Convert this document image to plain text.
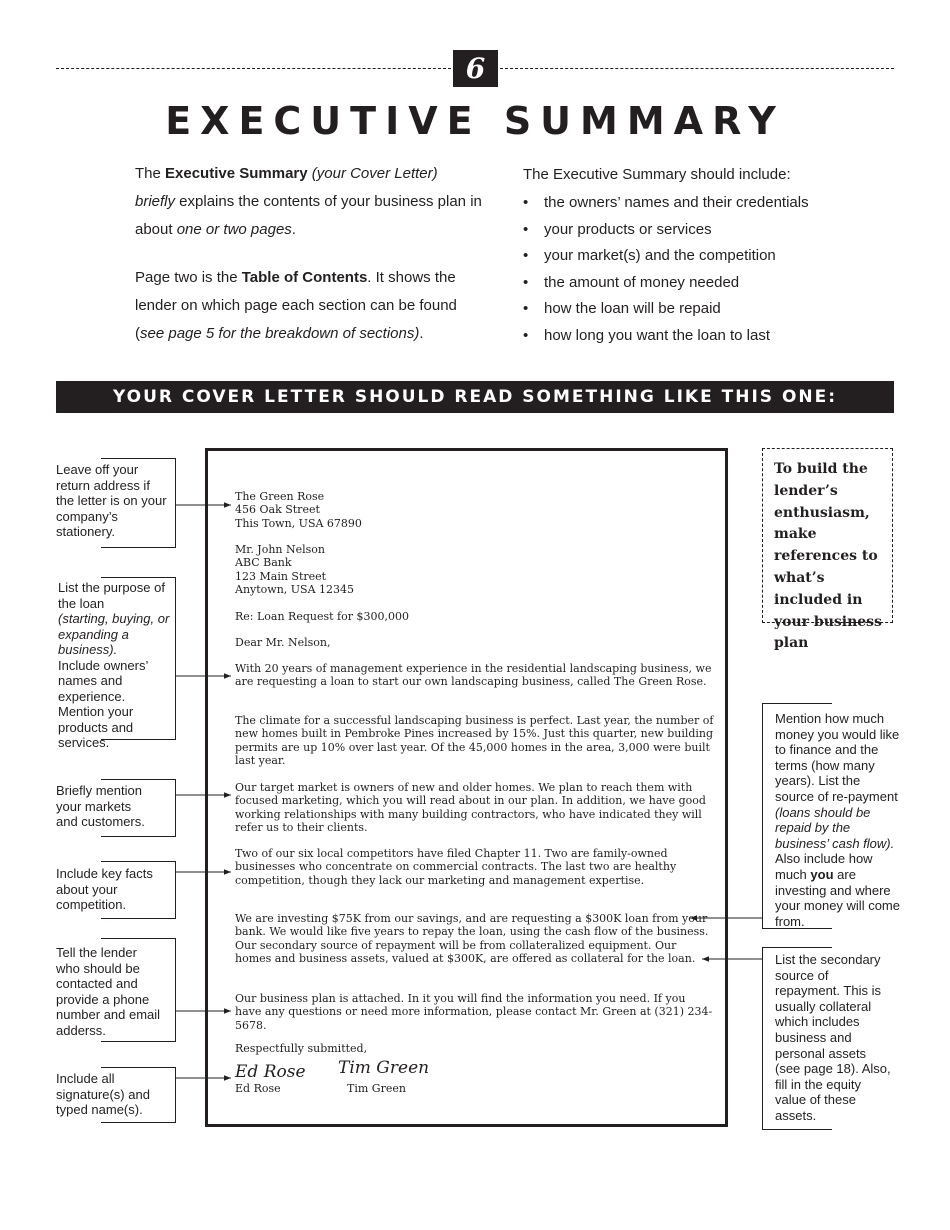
6
EXECUTIVE SUMMARY

The Executive Summary (your Cover Letter)
briefly explains the contents of your business plan in about one or two pages.

Page two is the Table of Contents. It shows the lender on which page each section can be found (see page 5 for the breakdown of sections).

The Executive Summary should include:
• the owners’ names and their credentials
• your products or services
• your market(s) and the competition
• the amount of money needed
• how the loan will be repaid
• how long you want the loan to last
YOUR COVER LETTER SHOULD READ SOMETHING LIKE THIS ONE:

The Green Rose
456 Oak Street
This Town, USA 67890

Mr. John Nelson
ABC Bank
123 Main Street
Anytown, USA 12345

Re: Loan Request for $300,000

Dear Mr. Nelson,

With 20 years of management experience in the residential landscaping business, we are requesting a loan to start our own landscaping business, called The Green Rose.

The climate for a successful landscaping business is perfect. Last year, the number of new homes built in Pembroke Pines increased by 15%. Just this quarter, new building permits are up 10% over last year. Of the 45,000 homes in the area, 3,000 were built last year.

Our target market is owners of new and older homes. We plan to reach them with focused marketing, which you will read about in our plan. In addition, we have good working relationships with many building contractors, who have indicated they will refer us to their clients.

Two of our six local competitors have filed Chapter 11. Two are family-owned businesses who concentrate on commercial contracts. The last two are healthy competition, though they lack our marketing and management expertise.

We are investing $75K from our savings, and are requesting a $300K loan from your bank. We would like five years to repay the loan, using the cash flow of the business. Our secondary source of repayment will be from collateralized equipment. Our homes and business assets, valued at $300K, are offered as collateral for the loan.

Our business plan is attached. In it you will find the information you need. If you have any questions or need more information, please contact Mr. Green at (321) 234-5678.

Respectfully submitted,

Ed Rose Tim Green

Ed Rose	Tim Green

Leave off your return address if the letter is on your company’s stationery.
List the purpose of the loan
(starting, buying, or expanding a business).
Include owners’ names and experience. Mention your products and services.
Briefly mention your markets and customers.
Include key facts about your competition.
Tell the lender who should be contacted and provide a phone number and email adderss.
Include all signature(s) and typed name(s).
To build the lender’s enthusiasm, make references to what’s included in your business plan
Mention how much money you would like to finance and the terms (how many years). List the source of re-payment (loans should be repaid by the business’ cash flow). Also include how much you are investing and where your money will come from.
List the secondary source of repayment. This is usually collateral which includes business and personal assets (see page 18). Also, fill in the equity value of these assets.
